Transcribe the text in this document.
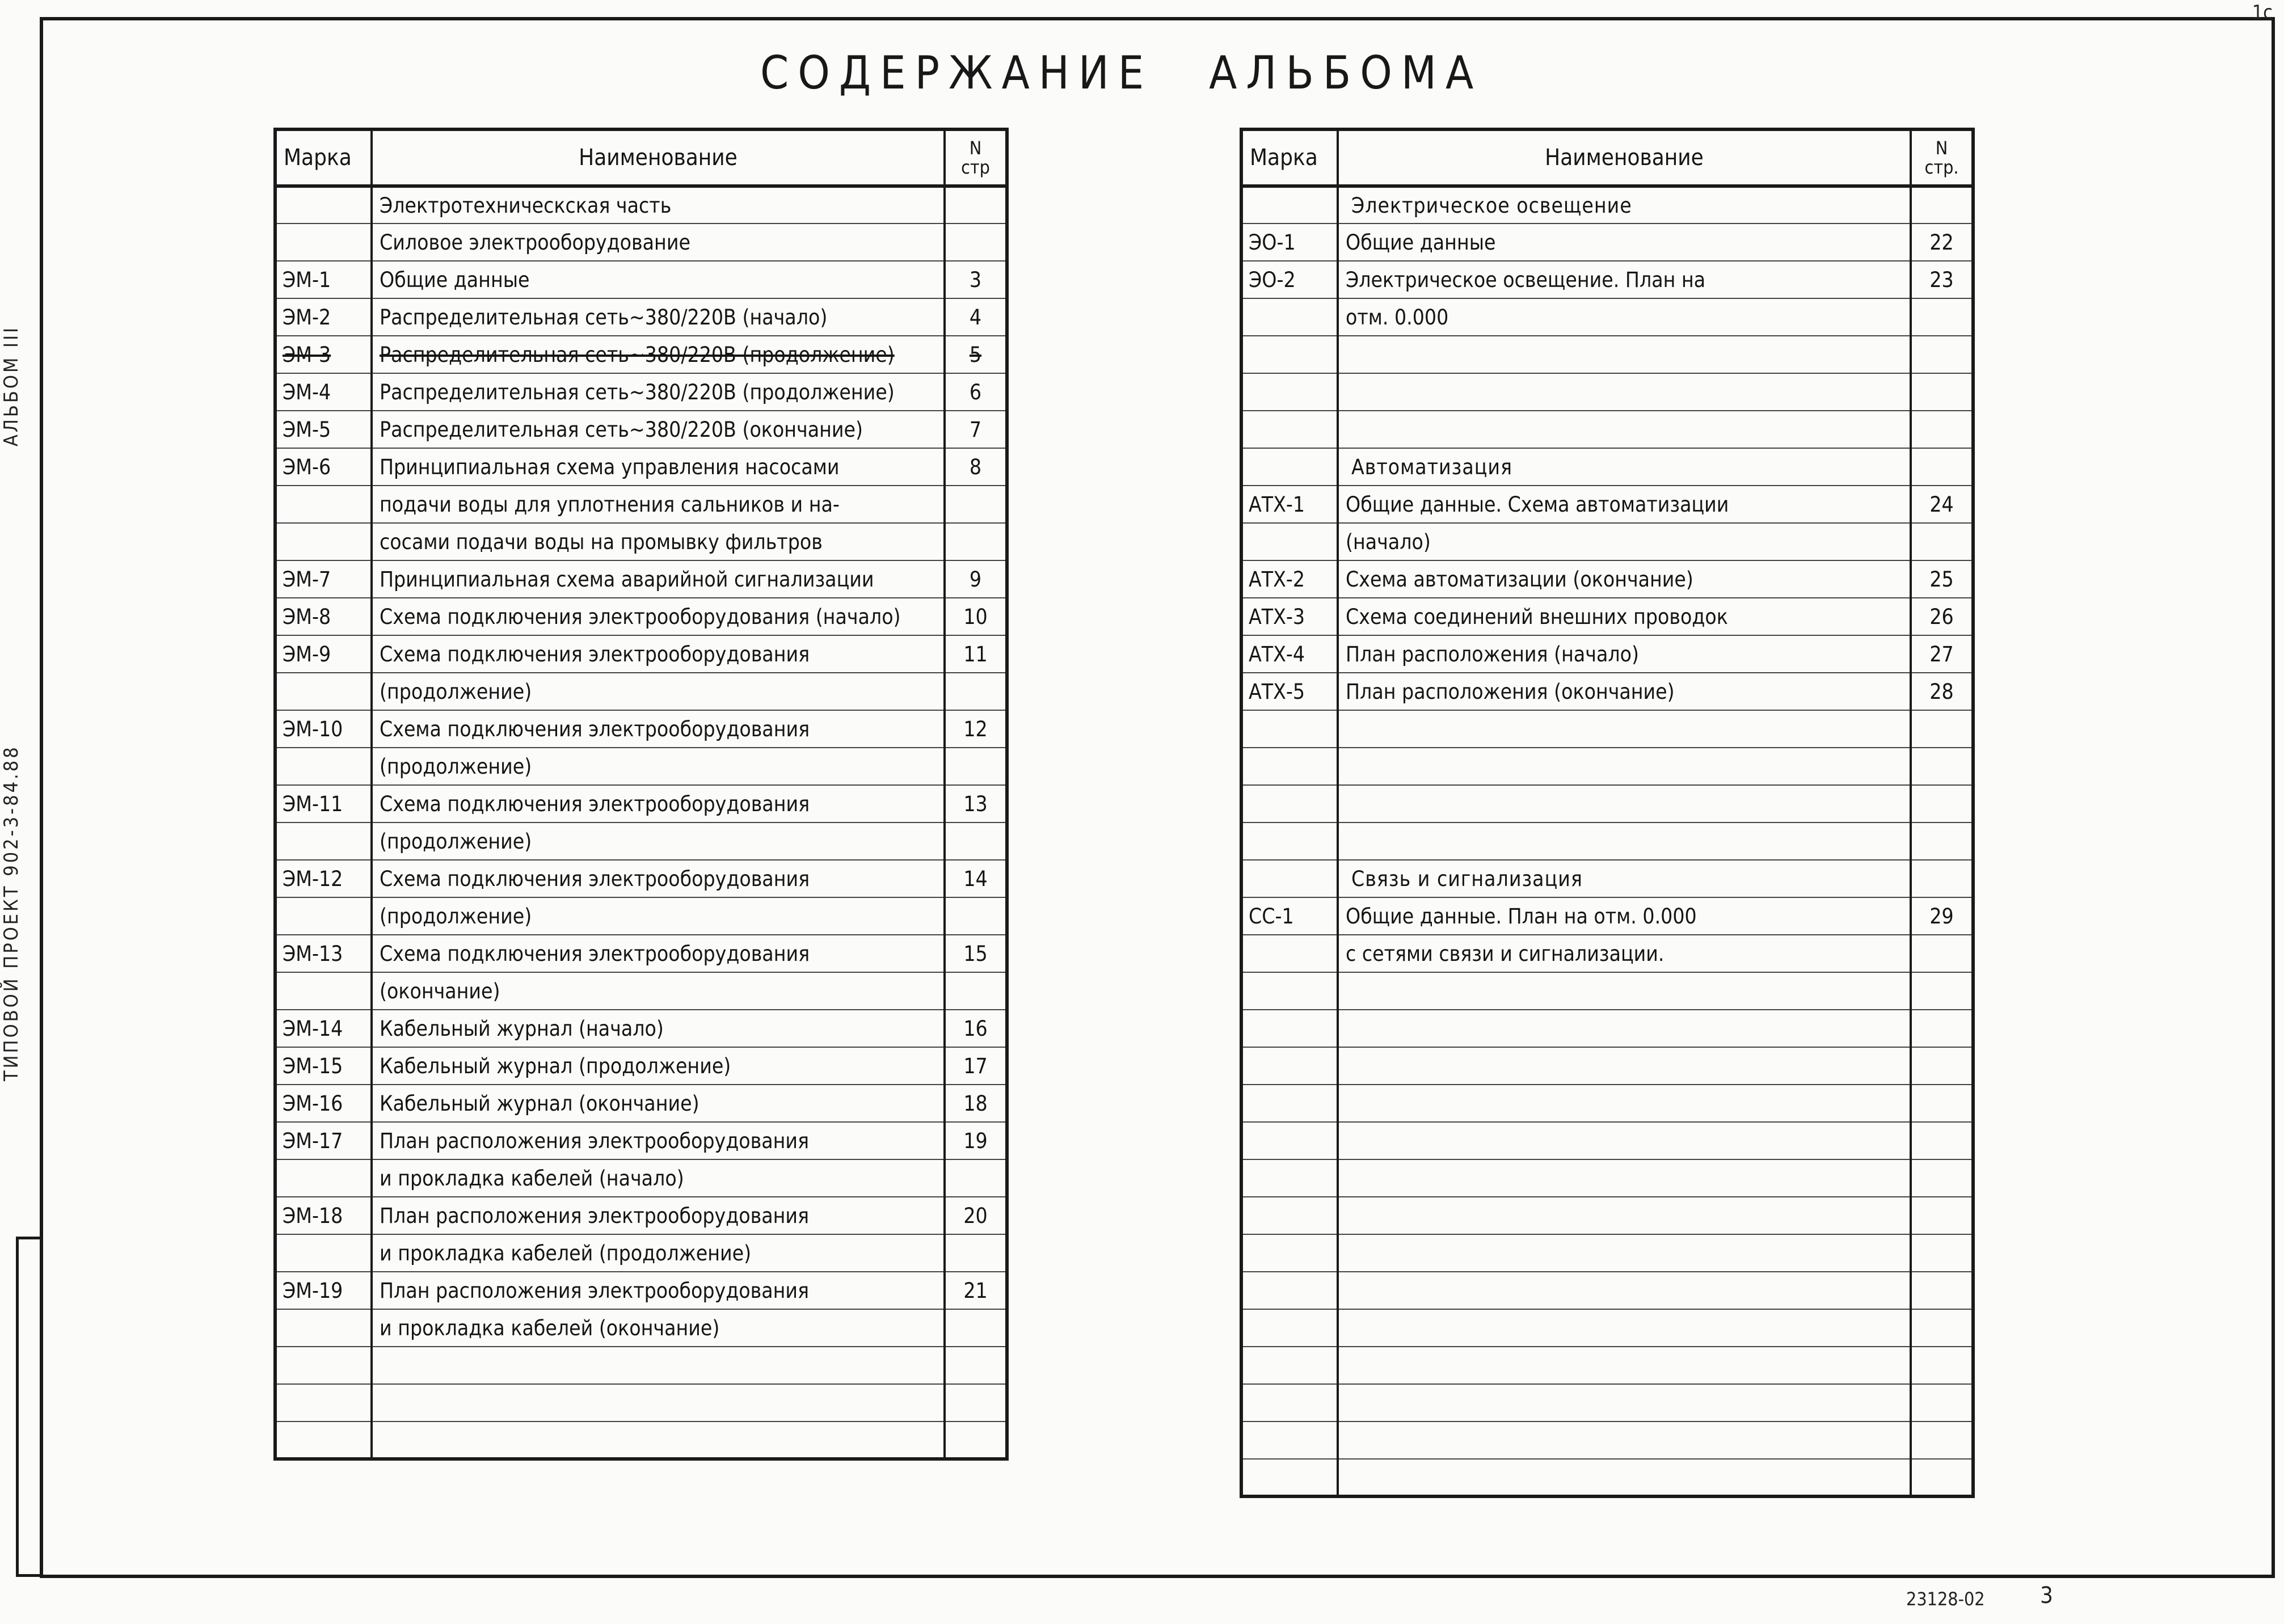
АЛЬБОМ III
ТИПОВОЙ ПРОЕКТ 902-3-84.88
1с
СОДЕРЖАНИЕ АЛЬБОМА
Марка	Наименование	N
стр
	Электротехническская часть	
	Силовое электрооборудование	
ЭМ-1	Общие данные	3
ЭМ-2	Распределительная сеть~380/220В (начало)	4
ЭМ-3	Распределительная сеть~380/220В (продолжение)	5
ЭМ-4	Распределительная сеть~380/220В (продолжение)	6
ЭМ-5	Распределительная сеть~380/220В (окончание)	7
ЭМ-6	Принципиальная схема управления насосами	8
	подачи воды для уплотнения сальников и на-	
	сосами подачи воды на промывку фильтров	
ЭМ-7	Принципиальная схема аварийной сигнализации	9
ЭМ-8	Схема подключения электрооборудования (начало)	10
ЭМ-9	Схема подключения электрооборудования	11
	(продолжение)	
ЭМ-10	Схема подключения электрооборудования	12
	(продолжение)	
ЭМ-11	Схема подключения электрооборудования	13
	(продолжение)	
ЭМ-12	Схема подключения электрооборудования	14
	(продолжение)	
ЭМ-13	Схема подключения электрооборудования	15
	(окончание)	
ЭМ-14	Кабельный журнал (начало)	16
ЭМ-15	Кабельный журнал (продолжение)	17
ЭМ-16	Кабельный журнал (окончание)	18
ЭМ-17	План расположения электрооборудования	19
	и прокладка кабелей (начало)	
ЭМ-18	План расположения электрооборудования	20
	и прокладка кабелей (продолжение)	
ЭМ-19	План расположения электрооборудования	21
	и прокладка кабелей (окончание)	

Марка	Наименование	N
стр.
	Электрическое освещение	
ЭО-1	Общие данные	22
ЭО-2	Электрическое освещение. План на	23
	отм. 0.000	

	Автоматизация	
АТХ-1	Общие данные. Схема автоматизации	24
	(начало)	
АТХ-2	Схема автоматизации (окончание)	25
АТХ-3	Схема соединений внешних проводок	26
АТХ-4	План расположения (начало)	27
АТХ-5	План расположения (окончание)	28

	Связь и сигнализация	
СС-1	Общие данные. План на отм. 0.000	29
	с сетями связи и сигнализации.	

23128-02 3
